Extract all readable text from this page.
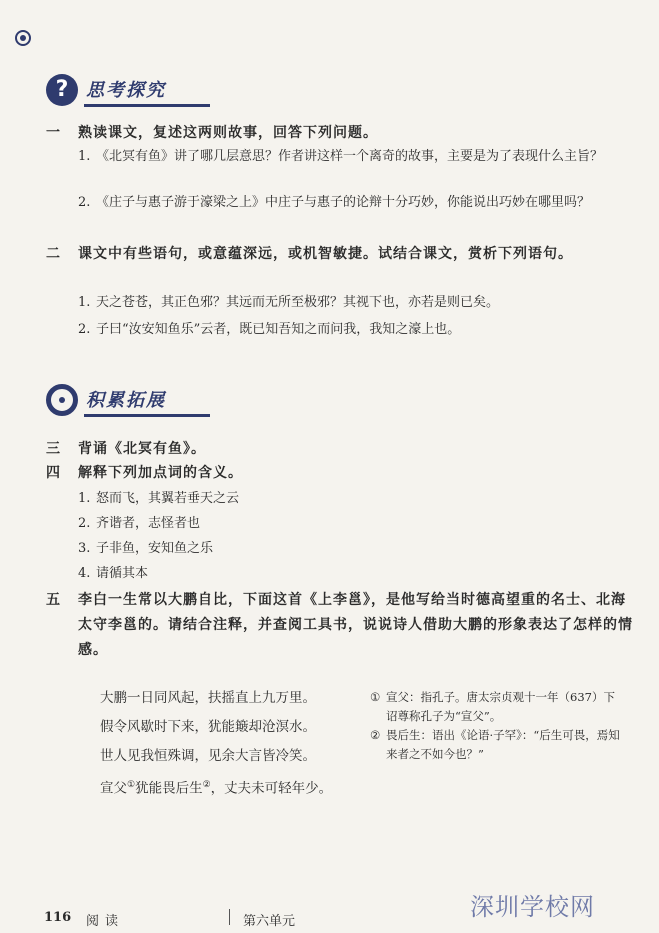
? 思考探究
一	熟读课文，复述这两则故事，回答下列问题。
1. 《北冥有鱼》讲了哪几层意思？作者讲这样一个离奇的故事，主要是为了表现什么主旨？
2. 《庄子与惠子游于濠梁之上》中庄子与惠子的论辩十分巧妙，你能说出巧妙在哪里吗？
二	课文中有些语句，或意蕴深远，或机智敏捷。试结合课文，赏析下列语句。
1. 天之苍苍，其正色邪？其远而无所至极邪？其视下也，亦若是则已矣。
2. 子曰“汝安知鱼乐”云者，既已知吾知之而问我，我知之濠上也。
积累拓展
三	背诵《北冥有鱼》。
四	解释下列加点词的含义。
1. 怒而飞，其翼若垂天之云
2. 齐谐者，志怪者也
3. 子非鱼，安知鱼之乐
4. 请循其本
五	李白一生常以大鹏自比，下面这首《上李邕》，是他写给当时德高望重的名士、北海太守李邕的。请结合注释，并查阅工具书，说说诗人借助大鹏的形象表达了怎样的情感。
大鹏一日同风起，扶摇直上九万里。
假令风歇时下来，犹能簸却沧溟水。
世人见我恒殊调，见余大言皆冷笑。
宣父①犹能畏后生②，丈夫未可轻年少。
① 宣父：指孔子。唐太宗贞观十一年（637）下诏尊称孔子为“宣父”。
② 畏后生：语出《论语·子罕》：“后生可畏，焉知来者之不如今也？”
116 阅读	第六单元
深圳学校网
